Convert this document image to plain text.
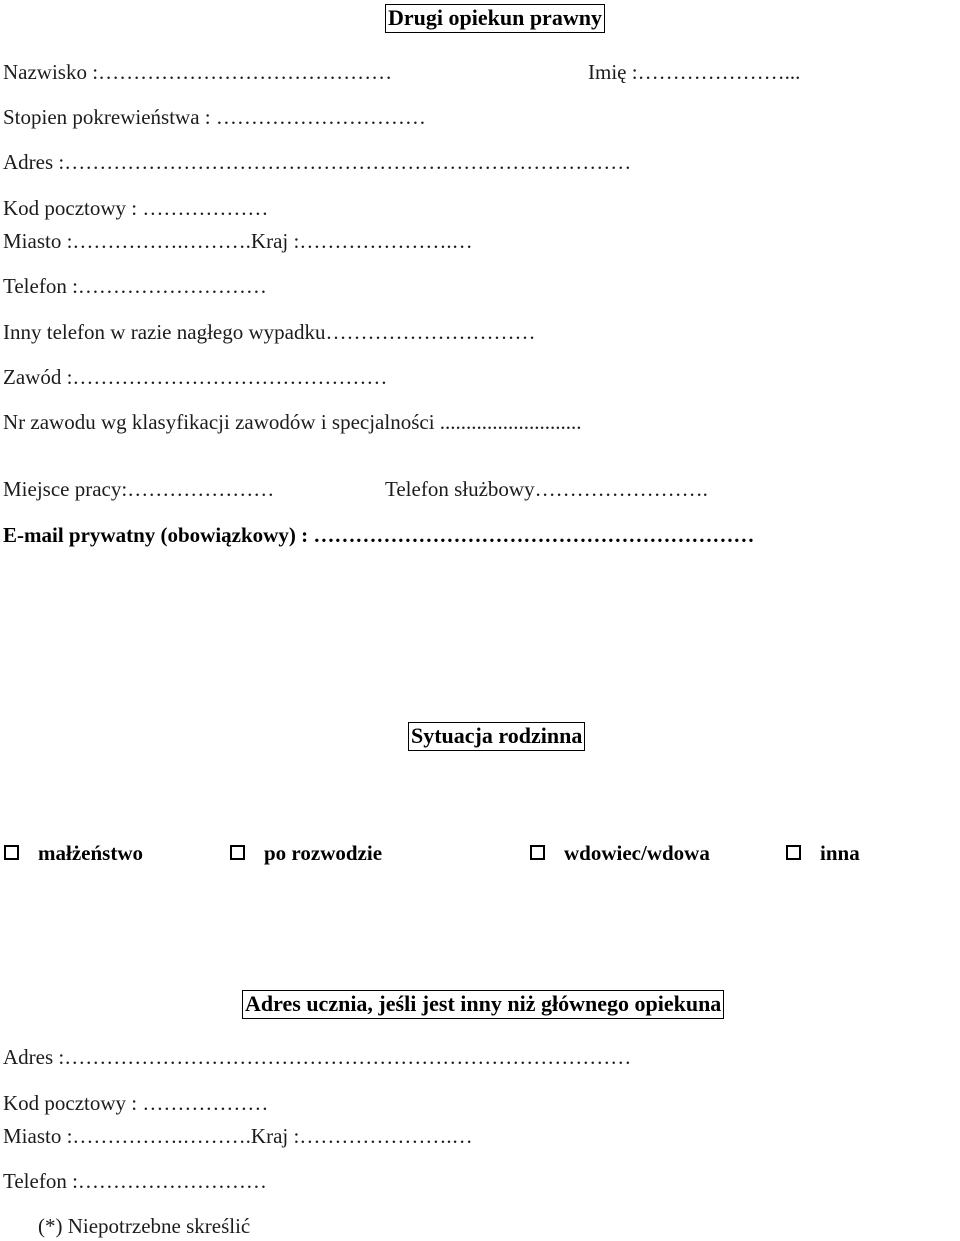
Drugi opiekun prawny
Nazwisko :……………………………………	Imię :…………………...
Stopien pokrewieństwa : …………………………
Adres :………………………………………………………………………
Kod pocztowy : ………………
Miasto :…………….……….Kraj :………………….…
Telefon :………………………
Inny telefon w razie nagłego wypadku…………………………
Zawód :………………………………………
Nr zawodu wg klasyfikacji zawodów i specjalności ...........................
Miejsce pracy:…………………	Telefon służbowy…………………….
E-mail prywatny (obowiązkowy) : ………………………………………………………
Sytuacja rodzinna
małżeństwo	po rozwodzie	wdowiec/wdowa	inna
Adres ucznia, jeśli jest inny niż głównego opiekuna
Adres :………………………………………………………………………
Kod pocztowy : ………………
Miasto :…………….……….Kraj :………………….…
Telefon :………………………
(*) Niepotrzebne skreślić
